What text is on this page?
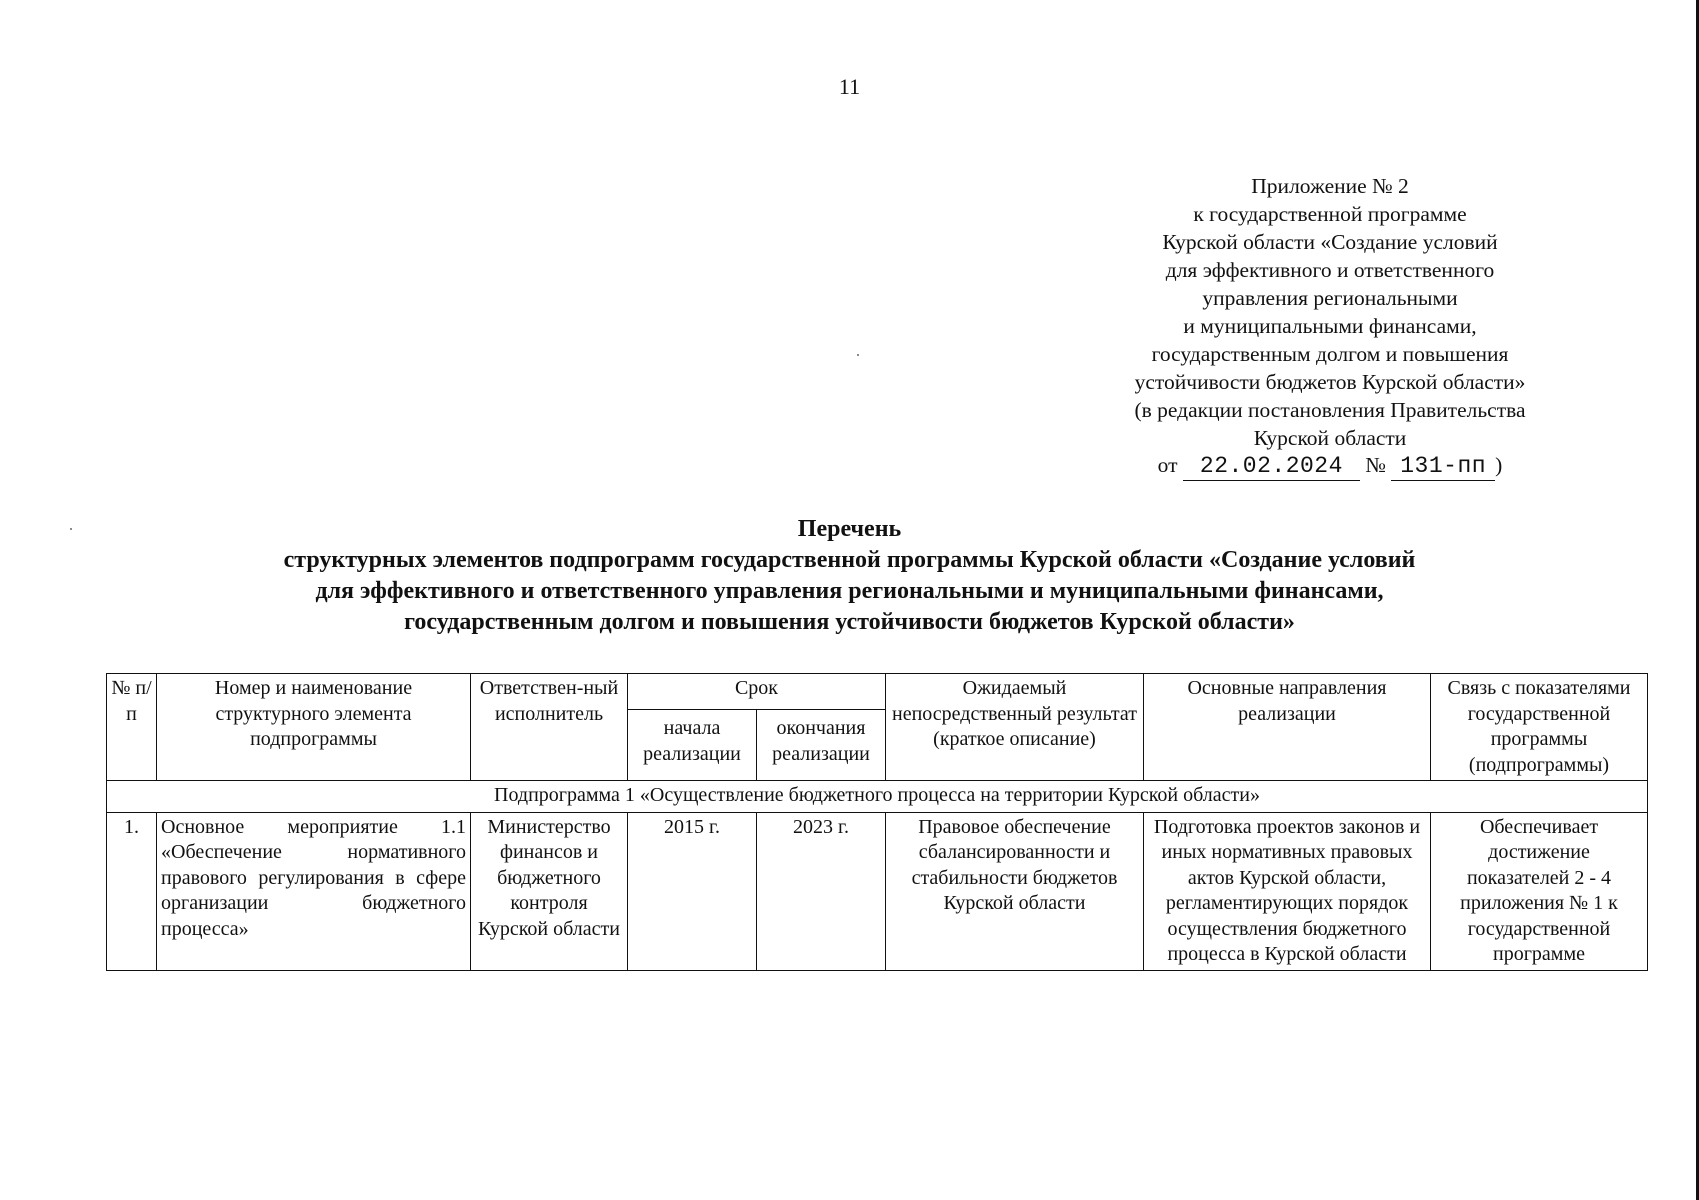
11
Приложение № 2
к государственной программе
Курской области «Создание условий
для эффективного и ответственного
управления региональными
и муниципальными финансами,
государственным долгом и повышения
устойчивости бюджетов Курской области»
(в редакции постановления Правительства
Курской области
от 22.02.2024 № 131-пп )
Перечень
структурных элементов подпрограмм государственной программы Курской области «Создание условий
для эффективного и ответственного управления региональными и муниципальными финансами,
государственным долгом и повышения устойчивости бюджетов Курской области»
№ п/п	Номер и наименование структурного элемента подпрограммы	Ответствен-ный исполнитель	Срок		Ожидаемый непосредственный результат (краткое описание)	Основные направления реализации	Связь с показателями государственной программы (подпрограммы)
			начала реализации	окончания реализации			
Подпрограмма 1 «Осуществление бюджетного процесса на территории Курской области»							
1.	Основное мероприятие 1.1 «Обеспечение нормативного правового регулирования в сфере организации бюджетного процесса»	Министерство финансов и бюджетного контроля Курской области	2015 г.	2023 г.	Правовое обеспечение сбалансированности и стабильности бюджетов Курской области	Подготовка проектов законов и иных нормативных правовых актов Курской области, регламентирующих порядок осуществления бюджетного процесса в Курской области	Обеспечивает достижение показателей 2 - 4 приложения № 1 к государственной программе
